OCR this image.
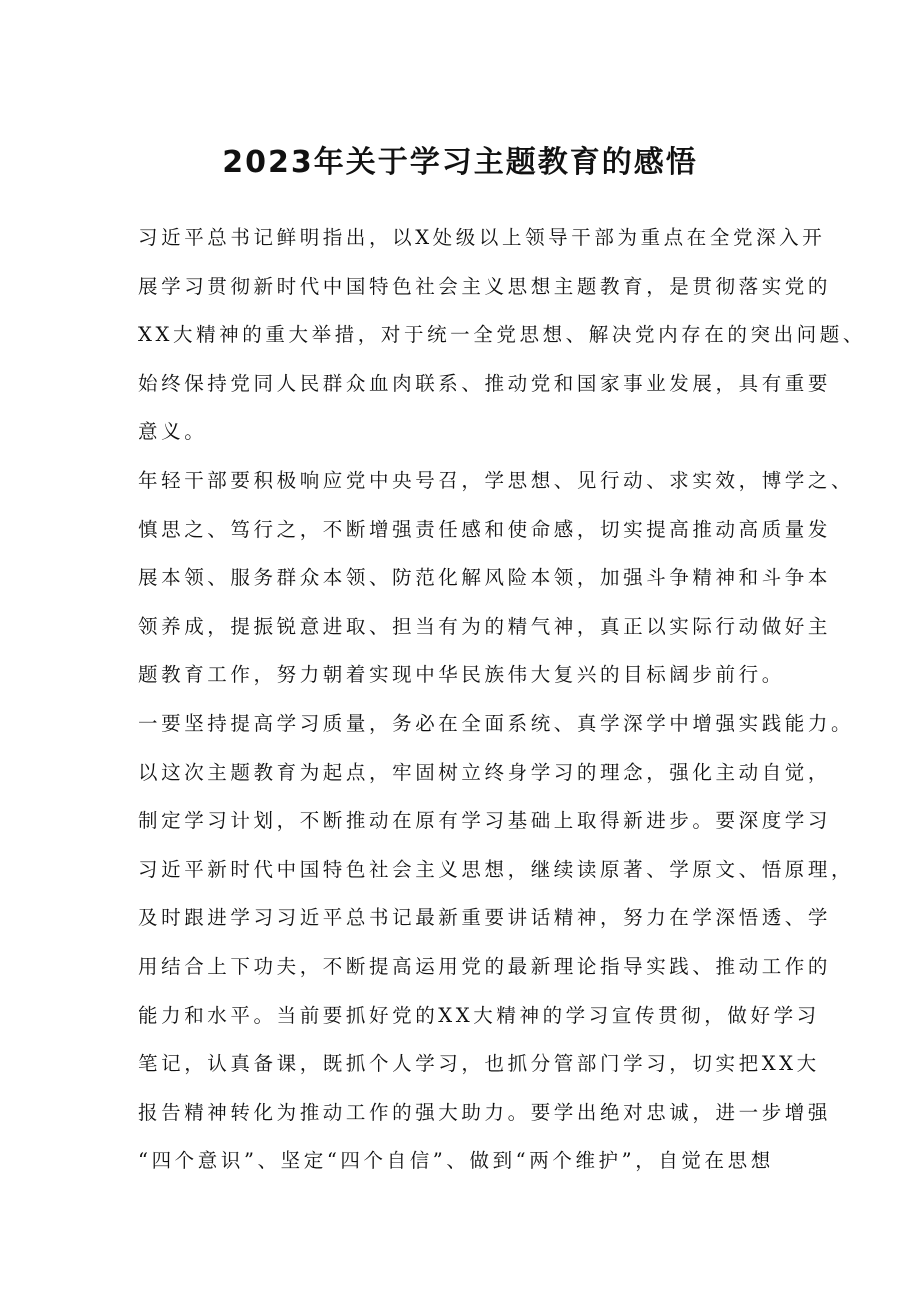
2023年关于学习主题教育的感悟
习近平总书记鲜明指出，以X处级以上领导干部为重点在全党深入开
展学习贯彻新时代中国特色社会主义思想主题教育，是贯彻落实党的
XX大精神的重大举措，对于统一全党思想、解决党内存在的突出问题、
始终保持党同人民群众血肉联系、推动党和国家事业发展，具有重要
意义。
年轻干部要积极响应党中央号召，学思想、见行动、求实效，博学之、
慎思之、笃行之，不断增强责任感和使命感，切实提高推动高质量发
展本领、服务群众本领、防范化解风险本领，加强斗争精神和斗争本
领养成，提振锐意进取、担当有为的精气神，真正以实际行动做好主
题教育工作，努力朝着实现中华民族伟大复兴的目标阔步前行。
一要坚持提高学习质量，务必在全面系统、真学深学中增强实践能力。
以这次主题教育为起点，牢固树立终身学习的理念，强化主动自觉，
制定学习计划，不断推动在原有学习基础上取得新进步。要深度学习
习近平新时代中国特色社会主义思想，继续读原著、学原文、悟原理，
及时跟进学习习近平总书记最新重要讲话精神，努力在学深悟透、学
用结合上下功夫，不断提高运用党的最新理论指导实践、推动工作的
能力和水平。当前要抓好党的XX大精神的学习宣传贯彻，做好学习
笔记，认真备课，既抓个人学习，也抓分管部门学习，切实把XX大
报告精神转化为推动工作的强大助力。要学出绝对忠诚，进一步增强
“四个意识”、坚定“四个自信”、做到“两个维护”，自觉在思想
